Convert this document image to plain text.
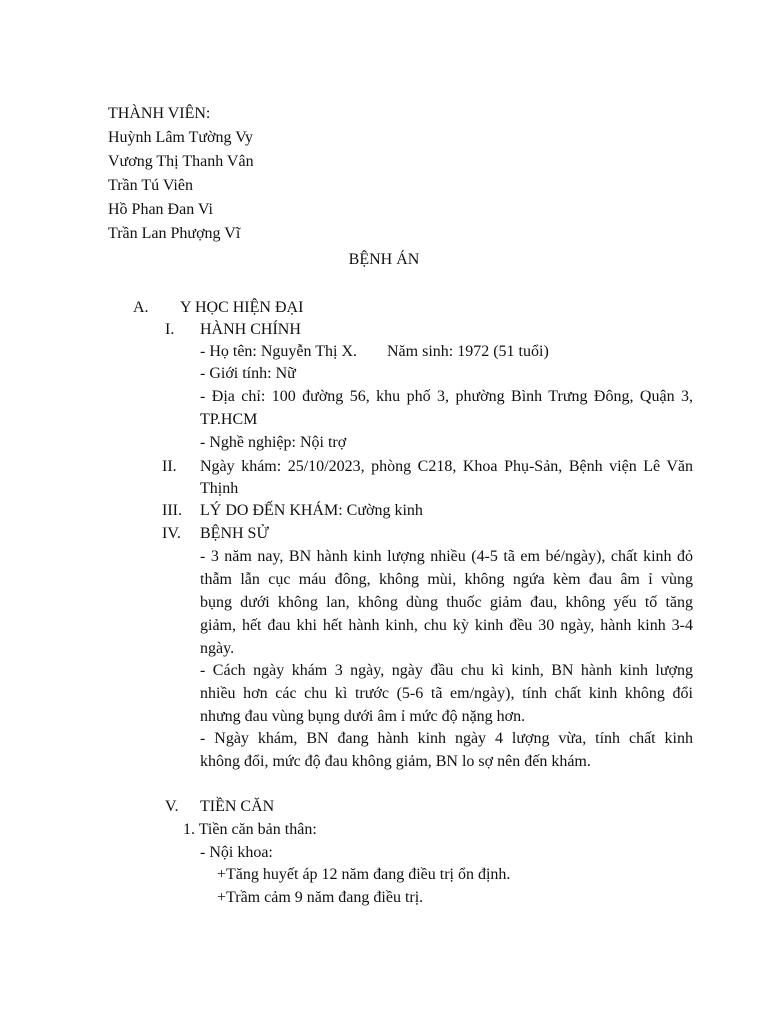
THÀNH VIÊN:
Huỳnh Lâm Tường Vy
Vương Thị Thanh Vân
Trần Tú Viên
Hồ Phan Đan Vi
Trần Lan Phượng Vĩ
BỆNH ÁN
A. Y HỌC HIỆN ĐẠI
I. HÀNH CHÍNH
- Họ tên: Nguyễn Thị X. Năm sinh: 1972 (51 tuổi)
- Giới tính: Nữ
- Địa chỉ: 100 đường 56, khu phố 3, phường Bình Trưng Đông, Quận 3,
TP.HCM
- Nghề nghiệp: Nội trợ
II. Ngày khám: 25/10/2023, phòng C218, Khoa Phụ-Sản, Bệnh viện Lê Văn
Thịnh
III. LÝ DO ĐẾN KHÁM: Cường kinh
IV. BỆNH SỬ
- 3 năm nay, BN hành kinh lượng nhiều (4-5 tã em bé/ngày), chất kinh đỏ
thẫm lẫn cục máu đông, không mùi, không ngứa kèm đau âm ỉ vùng
bụng dưới không lan, không dùng thuốc giảm đau, không yếu tố tăng
giảm, hết đau khi hết hành kinh, chu kỳ kinh đều 30 ngày, hành kinh 3-4
ngày.
- Cách ngày khám 3 ngày, ngày đầu chu kì kinh, BN hành kinh lượng
nhiều hơn các chu kì trước (5-6 tã em/ngày), tính chất kinh không đổi
nhưng đau vùng bụng dưới âm ỉ mức độ nặng hơn.
- Ngày khám, BN đang hành kinh ngày 4 lượng vừa, tính chất kinh
không đổi, mức độ đau không giảm, BN lo sợ nên đến khám.
V. TIỀN CĂN
1. Tiền căn bản thân:
- Nội khoa:
+Tăng huyết áp 12 năm đang điều trị ổn định.
+Trầm cảm 9 năm đang điều trị.
